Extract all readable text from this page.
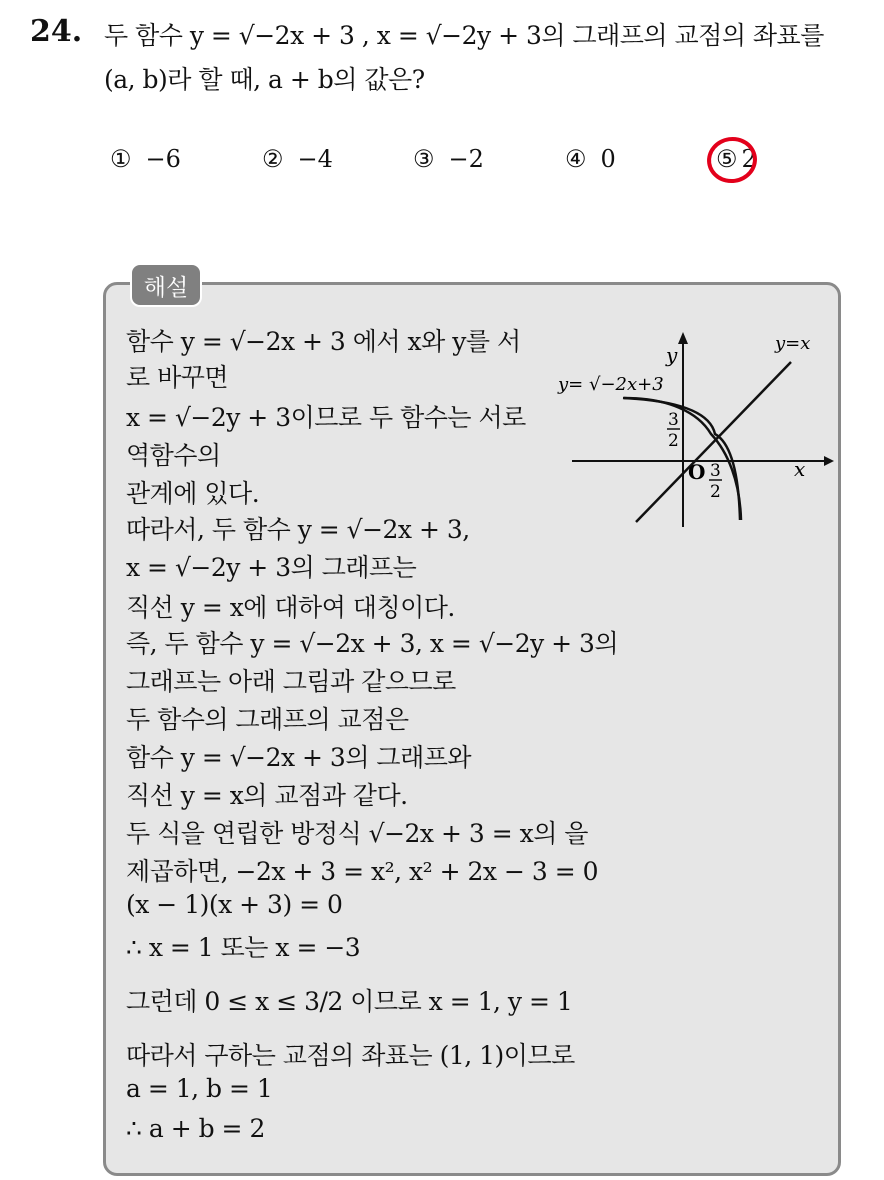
24. 두 함수 y = √−2x + 3 , x = √−2y + 3의 그래프의 교점의 좌표를
(a, b)라 할 때, a + b의 값은?
① −6	② −4	③ −2	④ 0	⑤ 2
해설
함수 y = √−2x + 3 에서 x와 y를 서
로 바꾸면
x = √−2y + 3이므로 두 함수는 서로
역함수의
관계에 있다.
따라서, 두 함수 y = √−2x + 3,
x = √−2y + 3의 그래프는
직선 y = x에 대하여 대칭이다.
즉, 두 함수 y = √−2x + 3, x = √−2y + 3의
그래프는 아래 그림과 같으므로
두 함수의 그래프의 교점은
함수 y = √−2x + 3의 그래프와
직선 y = x의 교점과 같다.
두 식을 연립한 방정식 √−2x + 3 = x의 을
제곱하면, −2x + 3 = x², x² + 2x − 3 = 0
(x − 1)(x + 3) = 0
∴ x = 1 또는 x = −3
그런데 0 ≤ x ≤ 3/2 이므로 x = 1, y = 1
따라서 구하는 교점의 좌표는 (1, 1)이므로
a = 1, b = 1
∴ a + b = 2
y
x
y=x
y= √−2x+3
O
3
2
3
2
